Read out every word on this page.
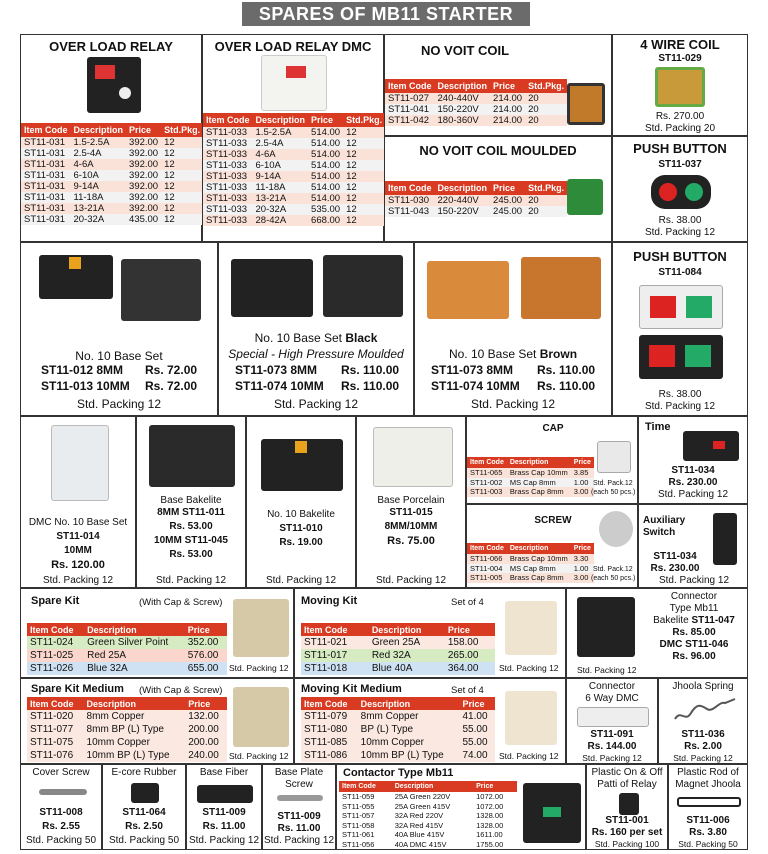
SPARES OF MB11 STARTER
OVER LOAD RELAY
Item Code	Description	Price	Std.Pkg.
ST11-031	1.5-2.5A	392.00	12
ST11-031	2.5-4A	392.00	12
ST11-031	4-6A	392.00	12
ST11-031	6-10A	392.00	12
ST11-031	9-14A	392.00	12
ST11-031	11-18A	392.00	12
ST11-031	13-21A	392.00	12
ST11-031	20-32A	435.00	12
OVER LOAD RELAY DMC
Item Code	Description	Price	Std.Pkg.
ST11-033	1.5-2.5A	514.00	12
ST11-033	2.5-4A	514.00	12
ST11-033	4-6A	514.00	12
ST11-033	6-10A	514.00	12
ST11-033	9-14A	514.00	12
ST11-033	11-18A	514.00	12
ST11-033	13-21A	514.00	12
ST11-033	20-32A	535.00	12
ST11-033	28-42A	668.00	12
NO VOIT COIL
Item Code	Description	Price	Std.Pkg.
ST11-027	240-440V	214.00	20
ST11-041	150-220V	214.00	20
ST11-042	180-360V	214.00	20
NO VOIT COIL MOULDED
Item Code	Description	Price	Std.Pkg.
ST11-030	220-440V	245.00	20
ST11-043	150-220V	245.00	20
4 WIRE COIL
ST11-029
Rs. 270.00
Std. Packing 20
PUSH BUTTON
ST11-037
Rs. 38.00
Std. Packing 12
No. 10 Base Set
ST11-012 8MM Rs. 72.00
ST11-013 10MM Rs. 72.00
Std. Packing 12
No. 10 Base Set Black
Special - High Pressure Moulded
ST11-073 8MM Rs. 110.00
ST11-074 10MM Rs. 110.00
Std. Packing 12
No. 10 Base Set Brown
ST11-073 8MM Rs. 110.00
ST11-074 10MM Rs. 110.00
Std. Packing 12
PUSH BUTTON
ST11-084
Rs. 38.00
Std. Packing 12
DMC No. 10 Base Set
ST11-014
10MM
Rs. 120.00
Std. Packing 12
Base Bakelite
8MM ST11-011
Rs. 53.00
10MM ST11-045
Rs. 53.00
Std. Packing 12
No. 10 Bakelite
ST11-010
Rs. 19.00
Std. Packing 12
Base Porcelain
ST11-015
8MM/10MM
Rs. 75.00
Std. Packing 12
CAP
Item Code	Description	Price
ST11-065	Brass Cap 10mm	3.85
ST11-002	MS Cap 8mm	1.00
ST11-003	Brass Cap 8mm	3.00
Std. Pack.12
(each 50 pcs.)
SCREW
Item Code	Description	Price
ST11-066	Brass Cap 10mm	3.30
ST11-004	MS Cap 8mm	1.00
ST11-005	Brass Cap 8mm	3.00
Std. Pack.12
(each 50 pcs.)
Time
ST11-034
Rs. 230.00
Std. Packing 12
Auxiliary
Switch
ST11-034
Rs. 230.00
Std. Packing 12
Spare Kit	(With Cap & Screw)
Item Code	Description	Price
ST11-024	Green Silver Point	352.00
ST11-025	Red 25A	576.00
ST11-026	Blue 32A	655.00 Std. Packing 12
Moving Kit	Set of 4
Item Code	Description	Price
ST11-021	Green 25A	158.00
ST11-017	Red 32A	265.00
ST11-018	Blue 40A	364.00 Std. Packing 12
Connector
Type Mb11
Bakelite ST11-047
Rs. 85.00
DMC ST11-046
Rs. 96.00
Std. Packing 12
Spare Kit Medium (With Cap & Screw)
Item Code	Description	Price
ST11-020	8mm Copper	132.00
ST11-077	8mm BP (L) Type	200.00
ST11-075	10mm Copper	200.00
ST11-076	10mm BP (L) Type	240.00 Std. Packing 12
Moving Kit Medium	Set of 4
Item Code	Description	Price
ST11-079	8mm Copper	41.00
ST11-080	BP (L) Type	55.00
ST11-085	10mm Copper	55.00
ST11-086	10mm BP (L) Type	74.00 Std. Packing 12
Connector
6 Way DMC
ST11-091
Rs. 144.00
Std. Packing 12
Jhoola Spring
ST11-036
Rs. 2.00
Std. Packing 12
Cover Screw
ST11-008
Rs. 2.55
Std. Packing 50
E-core Rubber
ST11-064
Rs. 2.50
Std. Packing 50
Base Fiber
ST11-009
Rs. 11.00
Std. Packing 12
Base Plate
Screw
ST11-009
Rs. 11.00
Std. Packing 12
Contactor Type Mb11
Item Code	Description	Price
ST11-059	25A Green 220V	1072.00
ST11-055	25A Green 415V	1072.00
ST11-057	32A Red 220V	1328.00
ST11-058	32A Red 415V	1328.00
ST11-061	40A Blue 415V	1611.00
ST11-056	40A DMC 415V	1755.00
Plastic On & Off
Patti of Relay
ST11-001
Rs. 160 per set
Std. Packing 100
Plastic Rod of
Magnet Jhoola
ST11-006
Rs. 3.80
Std. Packing 50
